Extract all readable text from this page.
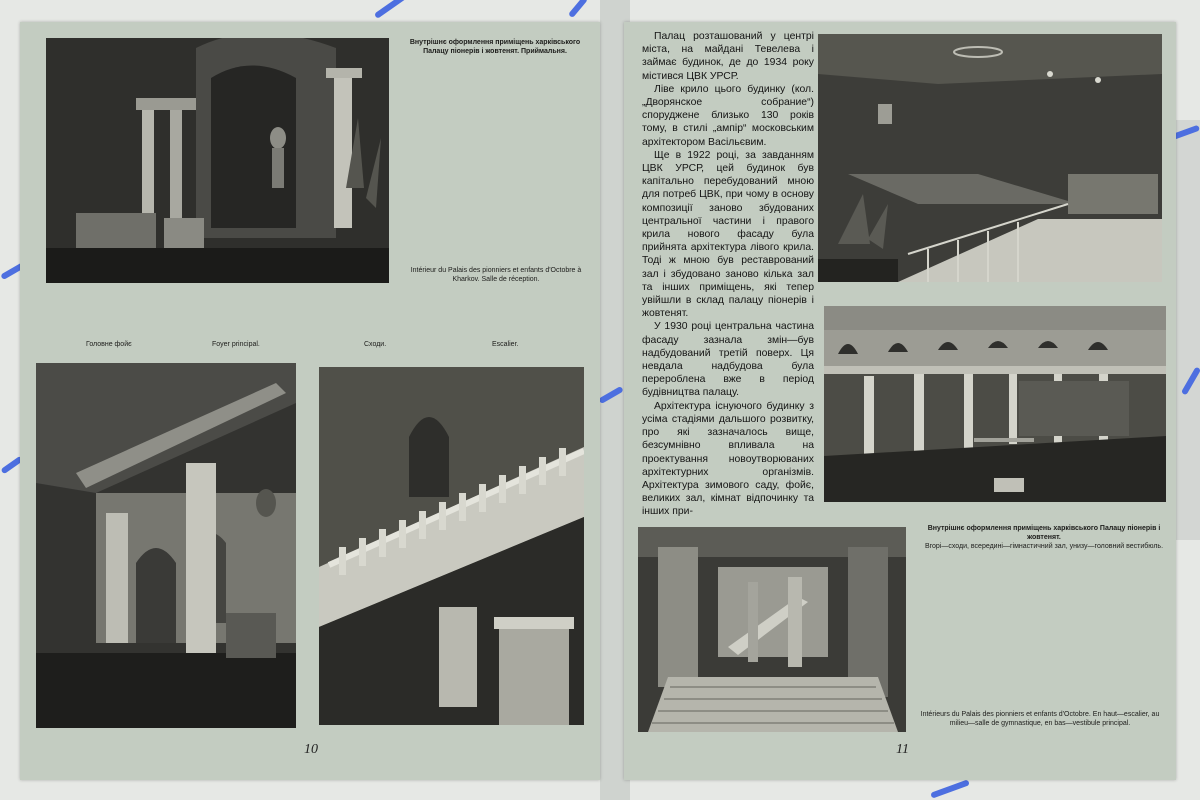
Внутрішнє оформлення приміщень харківського Палацу піонерів і жовтенят. Приймальня.
Intérieur du Palais des pionniers et enfants d'Octobre à Kharkov. Salle de réception.
Головне фойє	Foyer principal.	Сходи.	Escalier.
10

Палац розташований у центрі міста, на майдані Тевелева і займає будинок, де до 1934 року містився ЦВК УРСР.

Ліве крило цього будинку (кол. „Дворянское собрание“) споруджене близько 130 років тому, в стилі „ампір“ московським архітектором Васільєвим.

Ще в 1922 році, за завданням ЦВК УРСР, цей будинок був капітально перебудований мною для потреб ЦВК, при чому в основу композиції заново збудованих центральної частини і правого крила нового фасаду була прийнята архітектура лівого крила. Тоді ж мною був реставрований зал і збудовано заново кілька зал та інших приміщень, які тепер увійшли в склад палацу піонерів і жовтенят.

У 1930 році центральна частина фасаду зазнала змін—був надбудований третій поверх. Ця невдала надбудова була перероблена вже в період будівництва палацу.

Архітектура існуючого будинку з усіма стадіями дальшого розвитку, про які зазначалось вище, безсумнівно впливала на проектування новоутворюваних архітектурних організмів. Архітектура зимового саду, фойє, великих зал, кімнат відпочинку та інших при-

Внутрішнє оформлення приміщень харківського Палацу піонерів і жовтенят.
Вгорі—сходи, всередині—гімнастичний зал, унизу—головний вестибюль.
Intérieurs du Palais des pionniers et enfants d'Octobre. En haut—escalier, au milieu—salle de gymnastique, en bas—vestibule principal.
11
